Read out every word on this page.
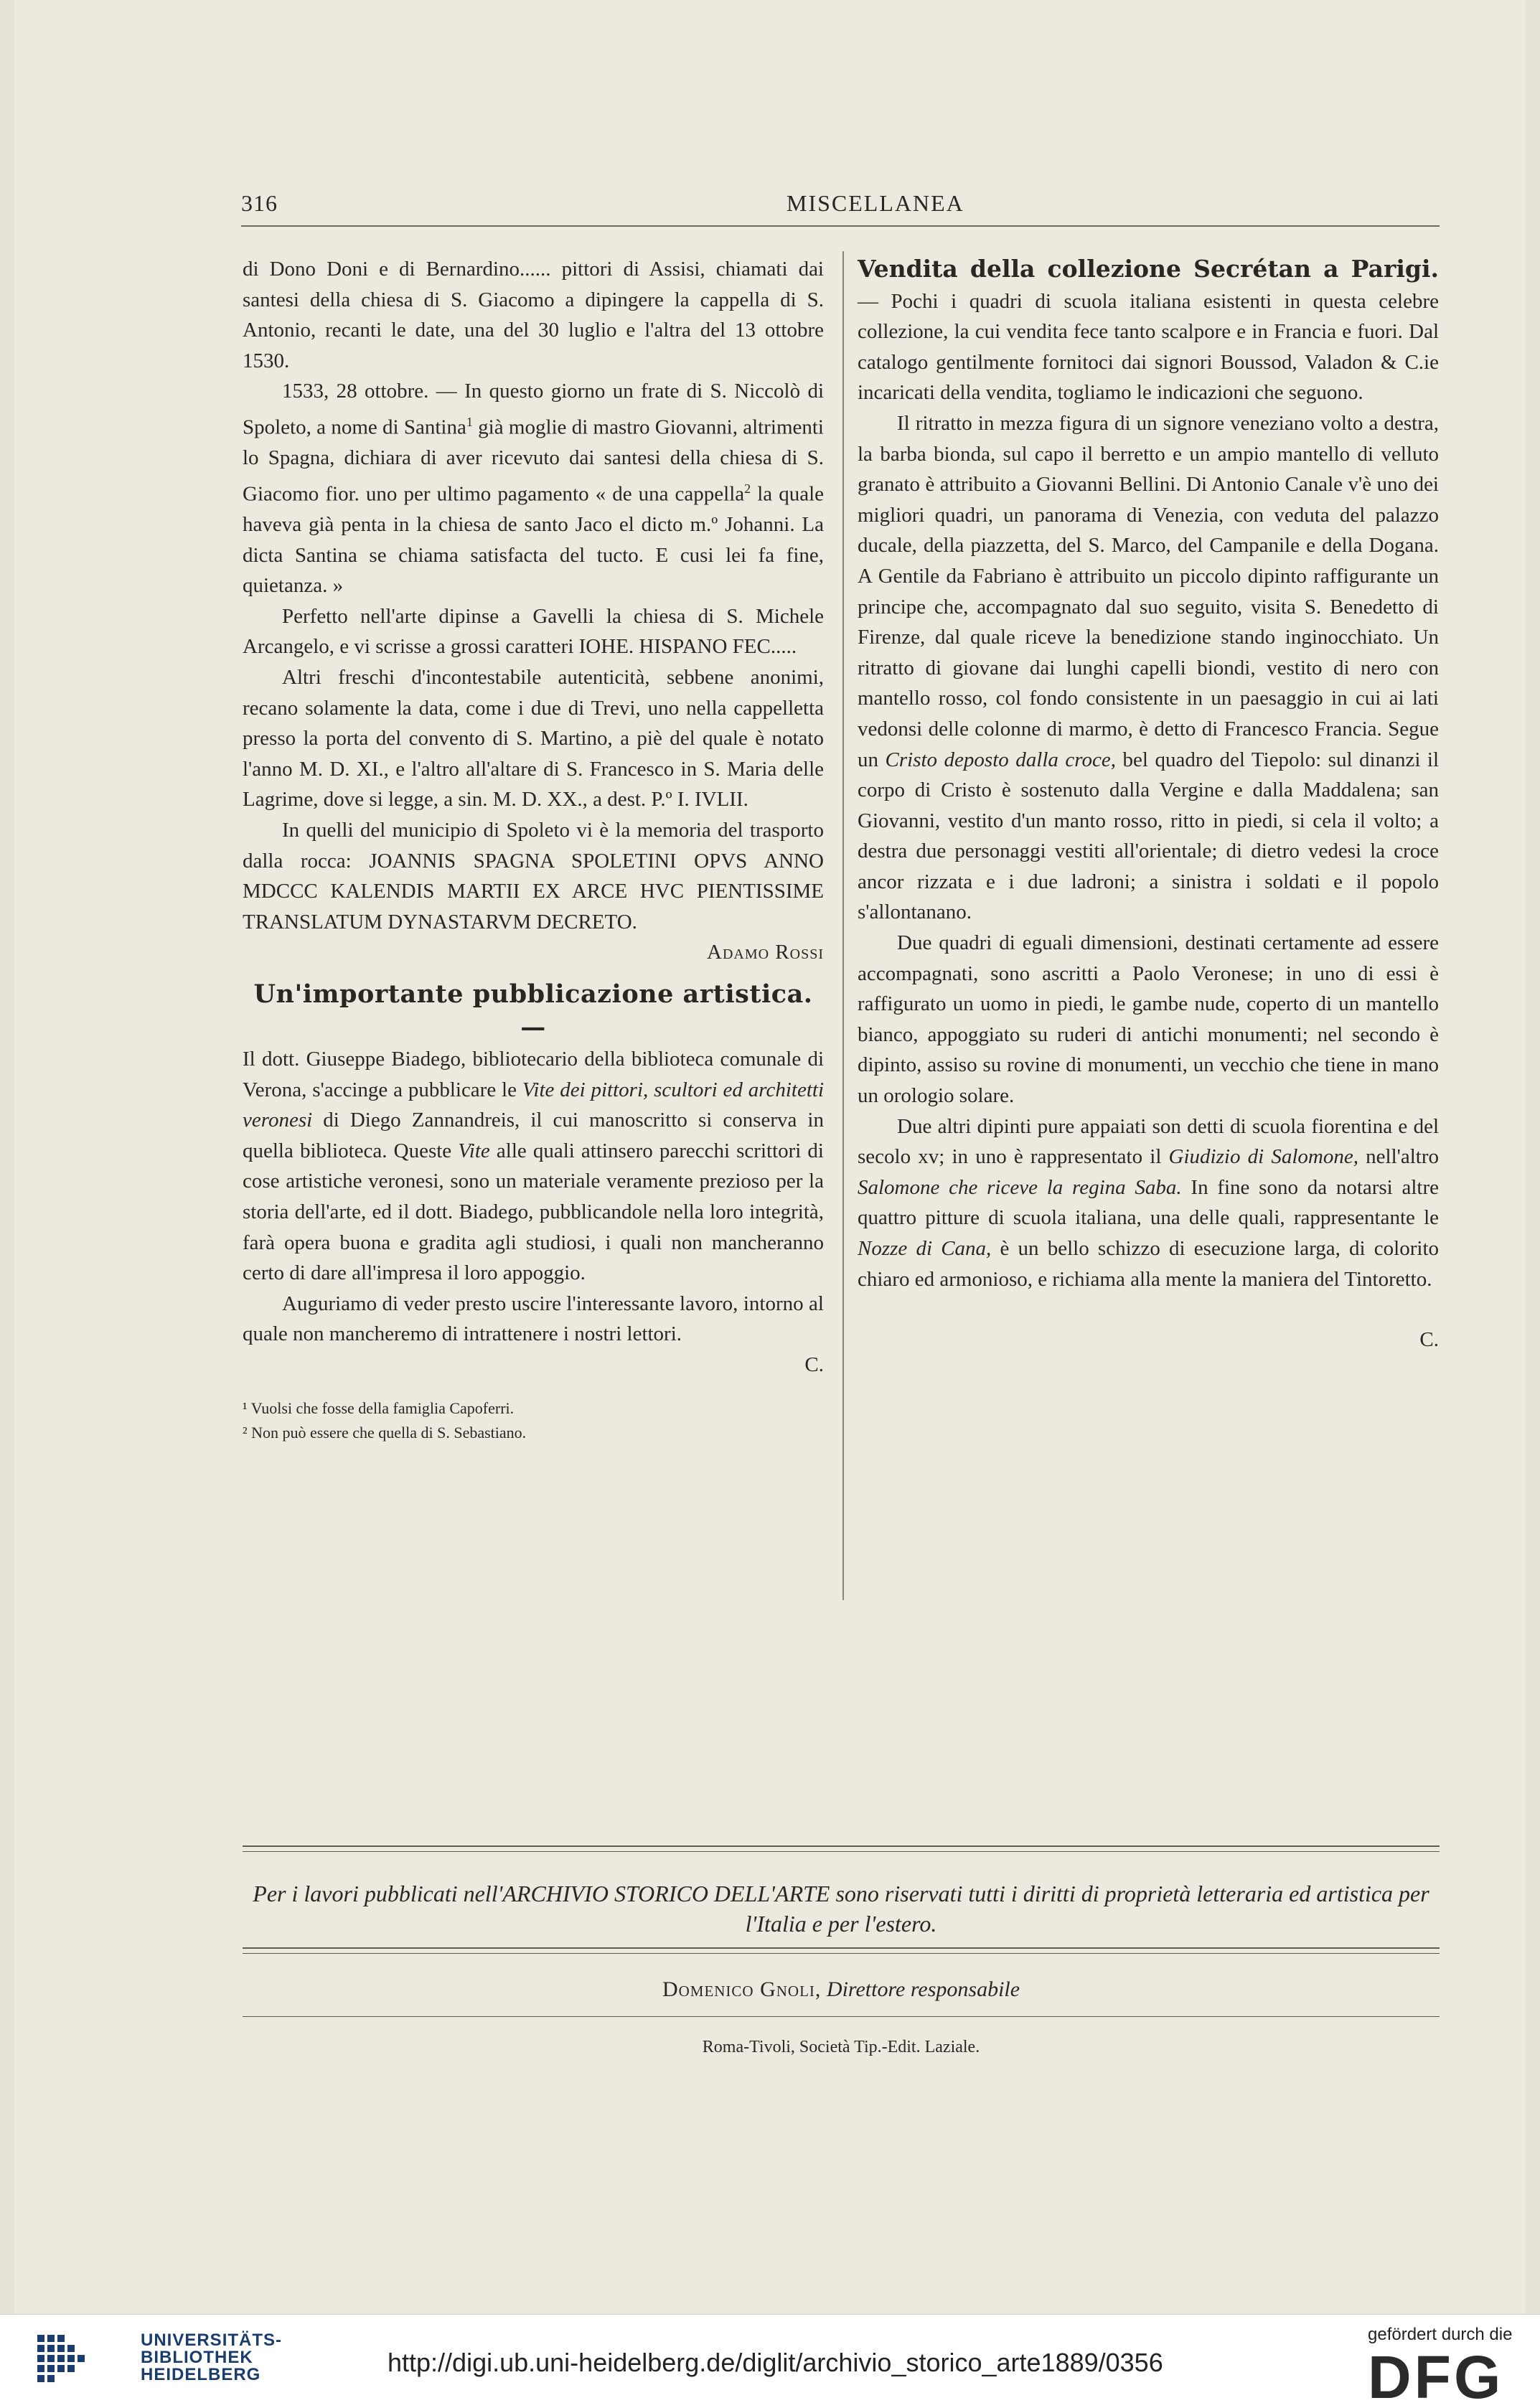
316	MISCELLANEA

di Dono Doni e di Bernardino...... pittori di Assisi, chiamati dai santesi della chiesa di S. Giacomo a dipingere la cappella di S. Antonio, recanti le date, una del 30 luglio e l'altra del 13 ottobre 1530.

1533, 28 ottobre. — In questo giorno un frate di S. Niccolò di Spoleto, a nome di Santina$^1$ già moglie di mastro Giovanni, altrimenti lo Spagna, dichiara di aver ricevuto dai santesi della chiesa di S. Giacomo fior. uno per ultimo pagamento « de una cappella$^2$ la quale haveva già penta in la chiesa de santo Jaco el dicto m.º Johanni. La dicta Santina se chiama satisfacta del tucto. E cusi lei fa fine, quietanza. »

Perfetto nell'arte dipinse a Gavelli la chiesa di S. Michele Arcangelo, e vi scrisse a grossi caratteri IOHE. HISPANO FEC.....

Altri freschi d'incontestabile autenticità, sebbene anonimi, recano solamente la data, come i due di Trevi, uno nella cappelletta presso la porta del convento di S. Martino, a piè del quale è notato l'anno M. D. XI., e l'altro all'altare di S. Francesco in S. Maria delle Lagrime, dove si legge, a sin. M. D. XX., a dest. P.º I. IVLII.

In quelli del municipio di Spoleto vi è la memoria del trasporto dalla rocca: JOANNIS SPAGNA SPOLETINI OPVS ANNO MDCCC KALENDIS MARTII EX ARCE HVC PIENTISSIME TRANSLATUM DYNASTARVM DECRETO.

Adamo Rossi

Un'importante pubblicazione artistica. —

Il dott. Giuseppe Biadego, bibliotecario della biblioteca comunale di Verona, s'accinge a pubblicare le Vite dei pittori, scultori ed architetti veronesi di Diego Zannandreis, il cui manoscritto si conserva in quella biblioteca. Queste Vite alle quali attinsero parecchi scrittori di cose artistiche veronesi, sono un materiale veramente prezioso per la storia dell'arte, ed il dott. Biadego, pubblicandole nella loro integrità, farà opera buona e gradita agli studiosi, i quali non mancheranno certo di dare all'impresa il loro appoggio.

Auguriamo di veder presto uscire l'interessante lavoro, intorno al quale non mancheremo di intrattenere i nostri lettori.

C.

¹ Vuolsi che fosse della famiglia Capoferri.

² Non può essere che quella di S. Sebastiano.

Vendita della collezione Secrétan a Parigi. — Pochi i quadri di scuola italiana esistenti in questa celebre collezione, la cui vendita fece tanto scalpore e in Francia e fuori. Dal catalogo gentilmente fornitoci dai signori Boussod, Valadon & C.ie incaricati della vendita, togliamo le indicazioni che seguono.

Il ritratto in mezza figura di un signore veneziano volto a destra, la barba bionda, sul capo il berretto e un ampio mantello di velluto granato è attribuito a Giovanni Bellini. Di Antonio Canale v'è uno dei migliori quadri, un panorama di Venezia, con veduta del palazzo ducale, della piazzetta, del S. Marco, del Campanile e della Dogana. A Gentile da Fabriano è attribuito un piccolo dipinto raffigurante un principe che, accompagnato dal suo seguito, visita S. Benedetto di Firenze, dal quale riceve la benedizione stando inginocchiato. Un ritratto di giovane dai lunghi capelli biondi, vestito di nero con mantello rosso, col fondo consistente in un paesaggio in cui ai lati vedonsi delle colonne di marmo, è detto di Francesco Francia. Segue un Cristo deposto dalla croce, bel quadro del Tiepolo: sul dinanzi il corpo di Cristo è sostenuto dalla Vergine e dalla Maddalena; san Giovanni, vestito d'un manto rosso, ritto in piedi, si cela il volto; a destra due personaggi vestiti all'orientale; di dietro vedesi la croce ancor rizzata e i due ladroni; a sinistra i soldati e il popolo s'allontanano.

Due quadri di eguali dimensioni, destinati certamente ad essere accompagnati, sono ascritti a Paolo Veronese; in uno di essi è raffigurato un uomo in piedi, le gambe nude, coperto di un mantello bianco, appoggiato su ruderi di antichi monumenti; nel secondo è dipinto, assiso su rovine di monumenti, un vecchio che tiene in mano un orologio solare.

Due altri dipinti pure appaiati son detti di scuola fiorentina e del secolo xv; in uno è rappresentato il Giudizio di Salomone, nell'altro Salomone che riceve la regina Saba. In fine sono da notarsi altre quattro pitture di scuola italiana, una delle quali, rappresentante le Nozze di Cana, è un bello schizzo di esecuzione larga, di colorito chiaro ed armonioso, e richiama alla mente la maniera del Tintoretto.

C.

Per i lavori pubblicati nell'ARCHIVIO STORICO DELL'ARTE sono riservati tutti i diritti di proprietà letteraria ed artistica per l'Italia e per l'estero.
Domenico Gnoli, Direttore responsabile
Roma-Tivoli, Società Tip.-Edit. Laziale.
UNIVERSITÄTS-
BIBLIOTHEK
HEIDELBERG	http://digi.ub.uni-heidelberg.de/diglit/archivio_storico_arte1889/0356
gefördert durch die
DFG
